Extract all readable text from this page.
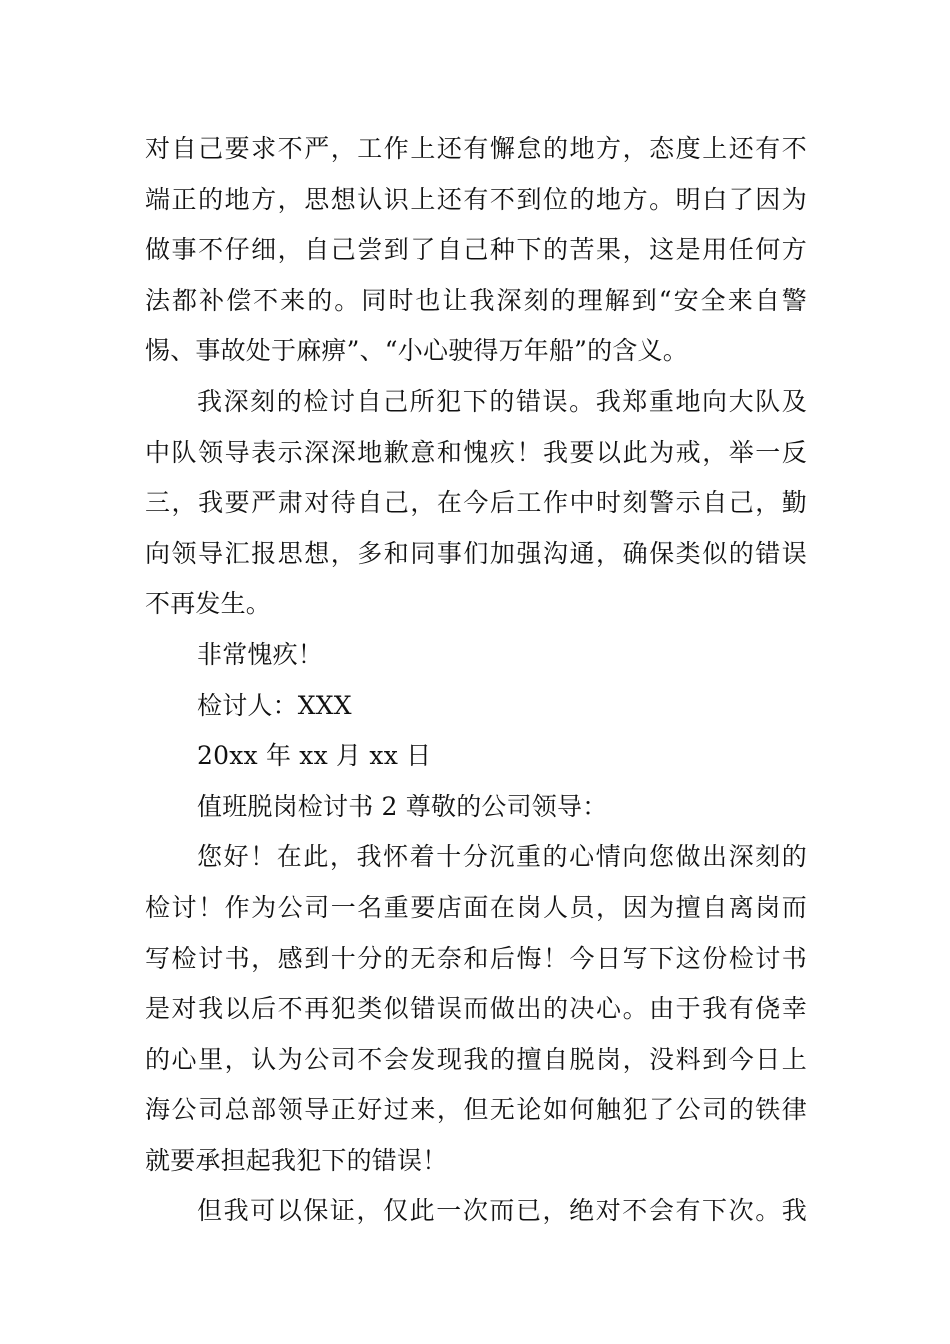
对自己要求不严，工作上还有懈怠的地方，态度上还有不
端正的地方，思想认识上还有不到位的地方。明白了因为
做事不仔细，自己尝到了自己种下的苦果，这是用任何方
法都补偿不来的。同时也让我深刻的理解到“安全来自警
惕、事故处于麻痹”、“小心驶得万年船”的含义。
我深刻的检讨自己所犯下的错误。我郑重地向大队及
中队领导表示深深地歉意和愧疚！我要以此为戒，举一反
三，我要严肃对待自己，在今后工作中时刻警示自己，勤
向领导汇报思想，多和同事们加强沟通，确保类似的错误
不再发生。
非常愧疚！
检讨人：XXX
20xx 年 xx 月 xx 日
值班脱岗检讨书 2 尊敬的公司领导：
您好！在此，我怀着十分沉重的心情向您做出深刻的
检讨！作为公司一名重要店面在岗人员，因为擅自离岗而
写检讨书，感到十分的无奈和后悔！今日写下这份检讨书
是对我以后不再犯类似错误而做出的决心。由于我有侥幸
的心里，认为公司不会发现我的擅自脱岗，没料到今日上
海公司总部领导正好过来，但无论如何触犯了公司的铁律
就要承担起我犯下的错误！
但我可以保证，仅此一次而已，绝对不会有下次。我
